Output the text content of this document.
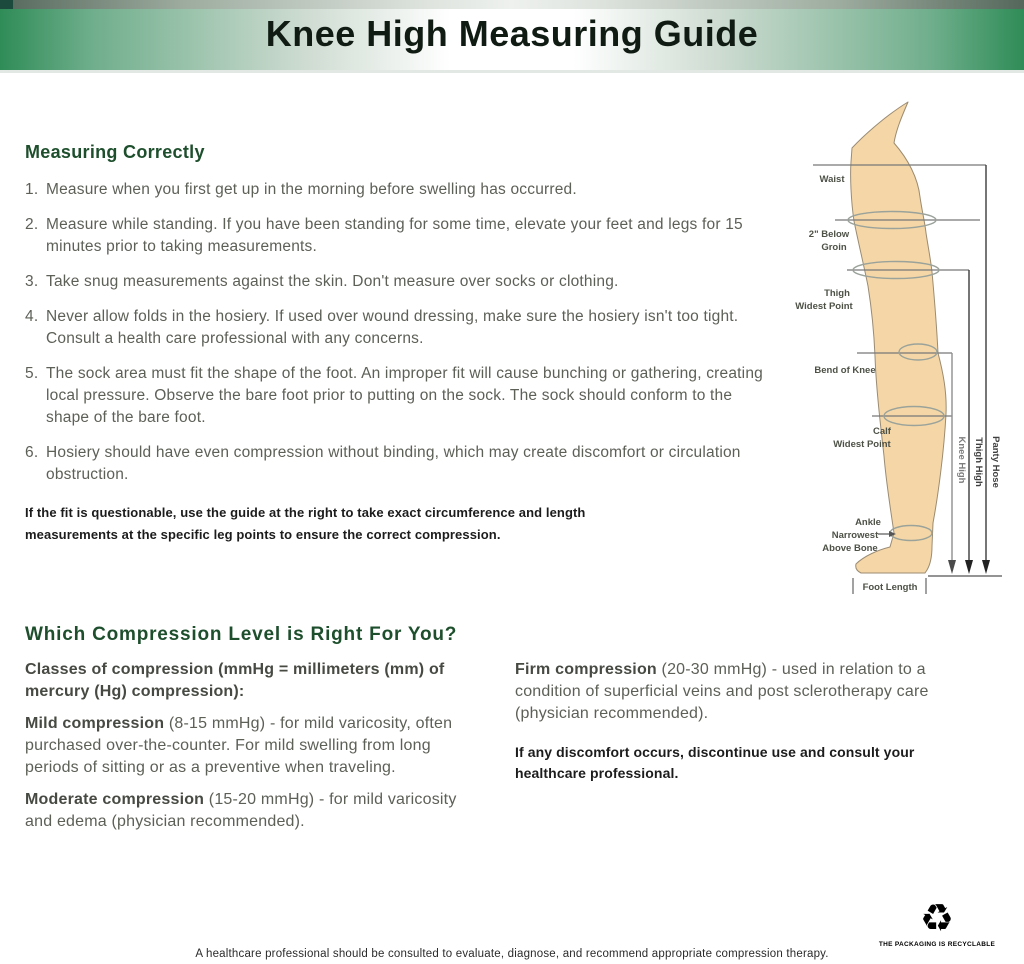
Knee High Measuring Guide
Measuring Correctly
1. Measure when you first get up in the morning before swelling has occurred.
2. Measure while standing. If you have been standing for some time, elevate your feet and legs for 15 minutes prior to taking measurements.
3. Take snug measurements against the skin. Don't measure over socks or clothing.
4. Never allow folds in the hosiery. If used over wound dressing, make sure the hosiery isn't too tight. Consult a health care professional with any concerns.
5. The sock area must fit the shape of the foot. An improper fit will cause bunching or gathering, creating local pressure. Observe the bare foot prior to putting on the sock. The sock should conform to the shape of the bare foot.
6. Hosiery should have even compression without binding, which may create discomfort or circulation obstruction.
If the fit is questionable, use the guide at the right to take exact circumference and length measurements at the specific leg points to ensure the correct compression.
Waist
2" Below
Groin
Thigh
Widest Point
Bend of Knee
Calf
Widest Point
Ankle
Narrowest
Above Bone
Foot Length
Knee High Thigh High Panty Hose
Which Compression Level is Right For You?

Classes of compression (mmHg = millimeters (mm) of mercury (Hg) compression):

Mild compression (8-15 mmHg) - for mild varicosity, often purchased over-the-counter. For mild swelling from long periods of sitting or as a preventive when traveling.

Moderate compression (15-20 mmHg) - for mild varicosity and edema (physician recommended).

Firm compression (20-30 mmHg) - used in relation to a condition of superficial veins and post sclerotherapy care (physician recommended).

If any discomfort occurs, discontinue use and consult your healthcare professional.
♻
THE PACKAGING IS RECYCLABLE
A healthcare professional should be consulted to evaluate, diagnose, and recommend appropriate compression therapy.
